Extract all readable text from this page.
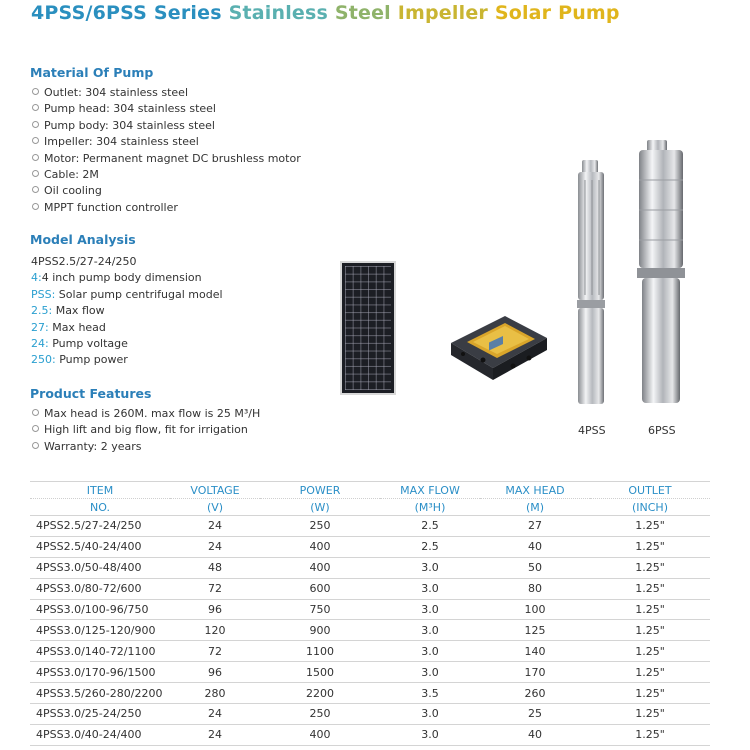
4PSS/6PSS Series Stainless Steel Impeller Solar Pump
Material Of Pump
Outlet: 304 stainless steel
Pump head: 304 stainless steel
Pump body: 304 stainless steel
Impeller: 304 stainless steel
Motor: Permanent magnet DC brushless motor
Cable: 2M
Oil cooling
MPPT function controller
Model Analysis
4PSS2.5/27-24/250
4:4 inch pump body dimension
PSS: Solar pump centrifugal model
2.5: Max flow
27: Max head
24: Pump voltage
250: Pump power
Product Features
Max head is 260M. max flow is 25 M³/H
High lift and big flow, fit for irrigation
Warranty: 2 years
4PSS	6PSS
ITEM	VOLTAGE	POWER	MAX FLOW	MAX HEAD	OUTLET
NO.	(V)	(W)	(M³H)	(M)	(INCH)
4PSS2.5/27-24/250	24	250	2.5	27	1.25"
4PSS2.5/40-24/400	24	400	2.5	40	1.25"
4PSS3.0/50-48/400	48	400	3.0	50	1.25"
4PSS3.0/80-72/600	72	600	3.0	80	1.25"
4PSS3.0/100-96/750	96	750	3.0	100	1.25"
4PSS3.0/125-120/900	120	900	3.0	125	1.25"
4PSS3.0/140-72/1100	72	1100	3.0	140	1.25"
4PSS3.0/170-96/1500	96	1500	3.0	170	1.25"
4PSS3.5/260-280/2200	280	2200	3.5	260	1.25"
4PSS3.0/25-24/250	24	250	3.0	25	1.25"
4PSS3.0/40-24/400	24	400	3.0	40	1.25"
